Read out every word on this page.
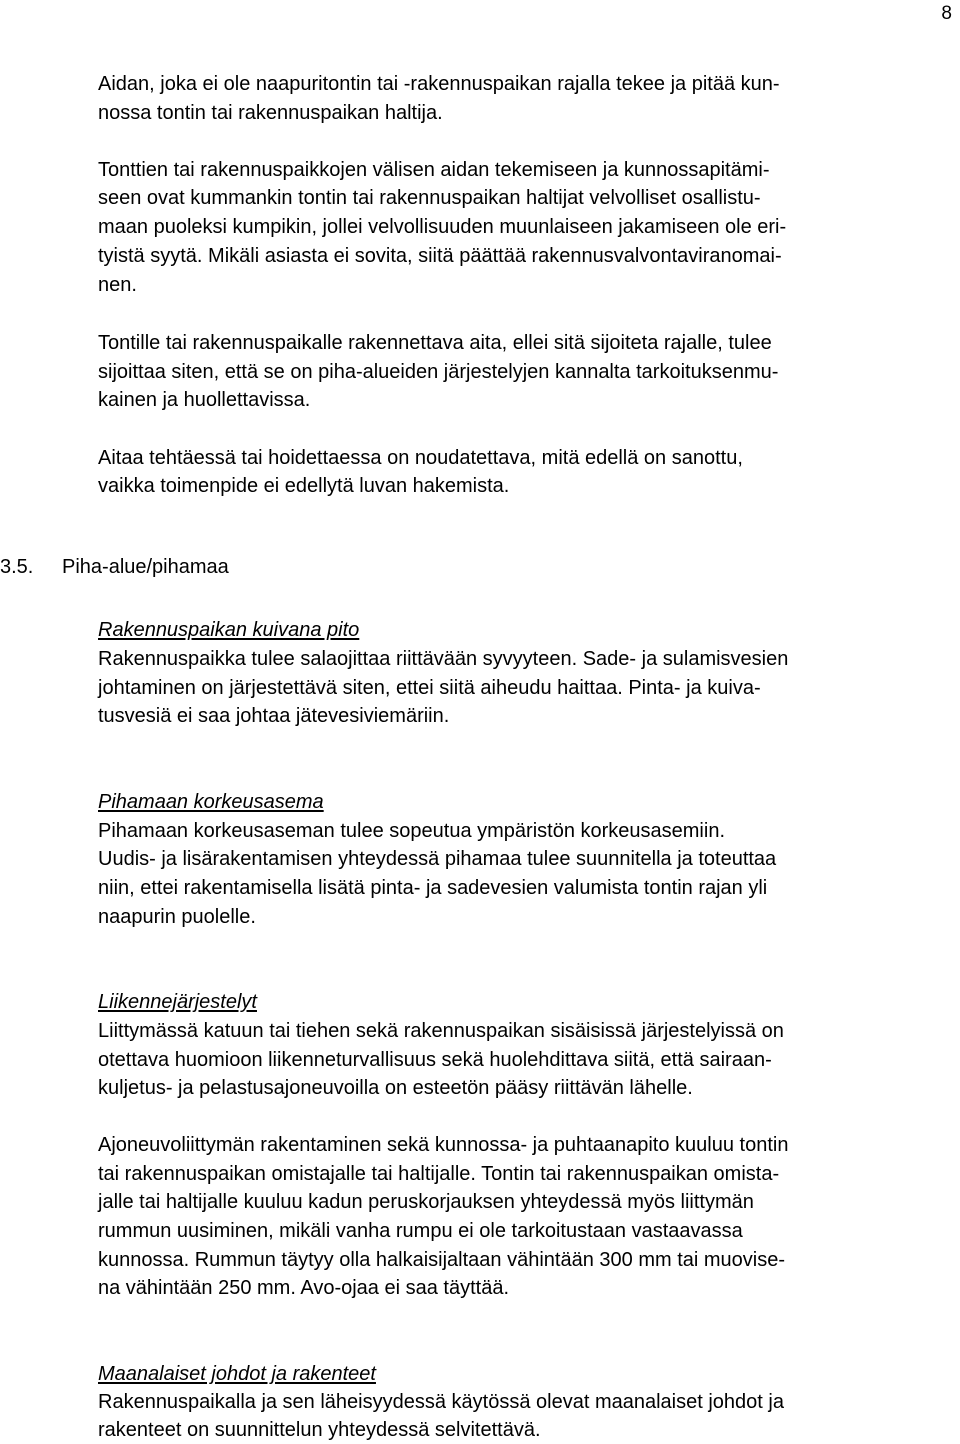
8
Aidan, joka ei ole naapuritontin tai -rakennuspaikan rajalla tekee ja pitää kun-
nossa tontin tai rakennuspaikan haltija.
Tonttien tai rakennuspaikkojen välisen aidan tekemiseen ja kunnossapitämi-
seen ovat kummankin tontin tai rakennuspaikan haltijat velvolliset osallistu-
maan puoleksi kumpikin, jollei velvollisuuden muunlaiseen jakamiseen ole eri-
tyistä syytä. Mikäli asiasta ei sovita, siitä päättää rakennusvalvontaviranomai-
nen.
Tontille tai rakennuspaikalle rakennettava aita, ellei sitä sijoiteta rajalle, tulee
sijoittaa siten, että se on piha-alueiden järjestelyjen kannalta tarkoituksenmu-
kainen ja huollettavissa.
Aitaa tehtäessä tai hoidettaessa on noudatettava, mitä edellä on sanottu,
vaikka toimenpide ei edellytä luvan hakemista.
3.5. Piha-alue/pihamaa
Rakennuspaikan kuivana pito
Rakennuspaikka tulee salaojittaa riittävään syvyyteen. Sade- ja sulamisvesien
johtaminen on järjestettävä siten, ettei siitä aiheudu haittaa. Pinta- ja kuiva-
tusvesiä ei saa johtaa jätevesiviemäriin.
Pihamaan korkeusasema
Pihamaan korkeusaseman tulee sopeutua ympäristön korkeusasemiin.
Uudis- ja lisärakentamisen yhteydessä pihamaa tulee suunnitella ja toteuttaa
niin, ettei rakentamisella lisätä pinta- ja sadevesien valumista tontin rajan yli
naapurin puolelle.
Liikennejärjestelyt
Liittymässä katuun tai tiehen sekä rakennuspaikan sisäisissä järjestelyissä on
otettava huomioon liikenneturvallisuus sekä huolehdittava siitä, että sairaan-
kuljetus- ja pelastusajoneuvoilla on esteetön pääsy riittävän lähelle.
Ajoneuvoliittymän rakentaminen sekä kunnossa- ja puhtaanapito kuuluu tontin
tai rakennuspaikan omistajalle tai haltijalle. Tontin tai rakennuspaikan omista-
jalle tai haltijalle kuuluu kadun peruskorjauksen yhteydessä myös liittymän
rummun uusiminen, mikäli vanha rumpu ei ole tarkoitustaan vastaavassa
kunnossa. Rummun täytyy olla halkaisijaltaan vähintään 300 mm tai muovise-
na vähintään 250 mm. Avo-ojaa ei saa täyttää.
Maanalaiset johdot ja rakenteet
Rakennuspaikalla ja sen läheisyydessä käytössä olevat maanalaiset johdot ja
rakenteet on suunnittelun yhteydessä selvitettävä.
